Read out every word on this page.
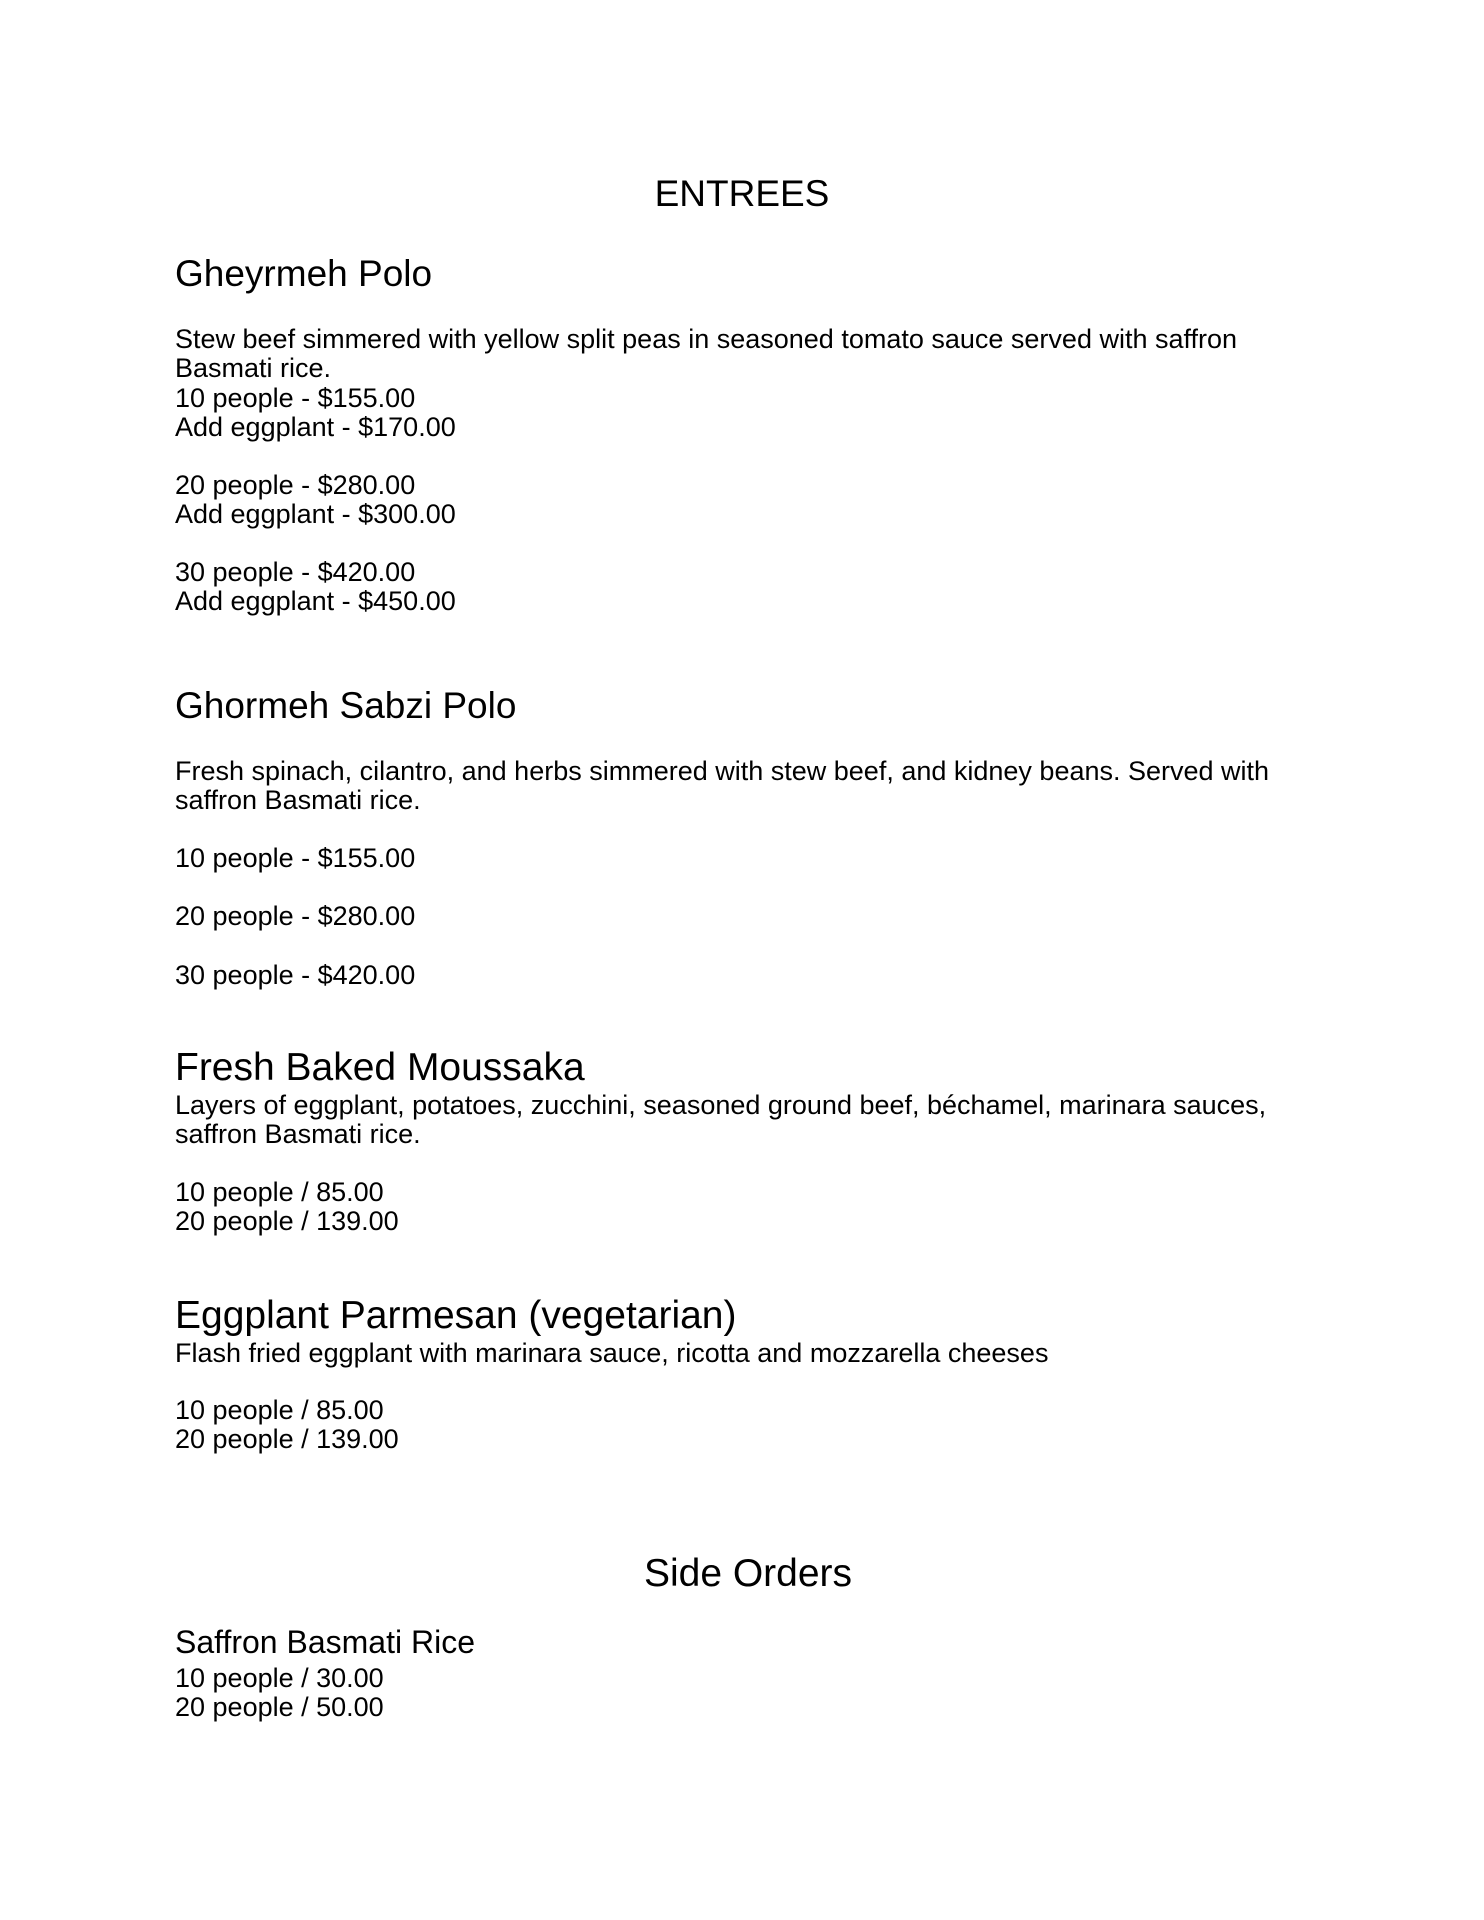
ENTREES
Gheyrmeh Polo

Stew beef simmered with yellow split peas in seasoned tomato sauce served with saffron Basmati rice.

10 people - $155.00

Add eggplant - $170.00

20 people - $280.00

Add eggplant - $300.00

30 people - $420.00

Add eggplant - $450.00

Ghormeh Sabzi Polo

Fresh spinach, cilantro, and herbs simmered with stew beef, and kidney beans. Served with saffron Basmati rice.

10 people - $155.00

20 people - $280.00

30 people - $420.00

Fresh Baked Moussaka

Layers of eggplant, potatoes, zucchini, seasoned ground beef, béchamel, marinara sauces, saffron Basmati rice.

10 people / 85.00

20 people / 139.00

Eggplant Parmesan (vegetarian)

Flash fried eggplant with marinara sauce, ricotta and mozzarella cheeses

10 people / 85.00

20 people / 139.00

Side Orders
Saffron Basmati Rice

10 people / 30.00

20 people / 50.00
